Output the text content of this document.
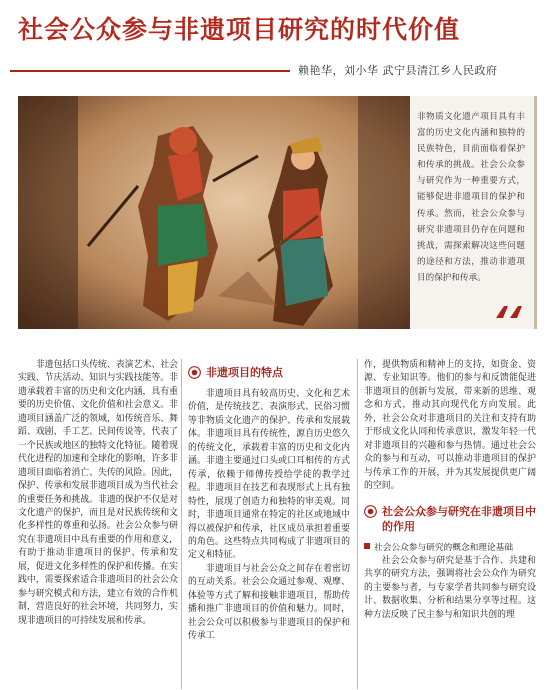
社会公众参与非遗项目研究的时代价值
赖艳华，刘小华 武宁县清江乡人民政府
非物质文化遗产项目具有丰富的历史文化内涵和独特的民族特色，目前面临着保护和传承的挑战。社会公众参与研究作为一种重要方式，能够促进非遗项目的保护和传承。然而，社会公众参与研究非遗项目仍存在问题和挑战，需探索解决这些问题的途径和方法，推动非遗项目的保护和传承。

非遗包括口头传统、表演艺术、社会实践、节庆活动、知识与实践技能等。非遗承载着丰富的历史和文化内涵，具有重要的历史价值、文化价值和社会意义。非遗项目涵盖广泛的领域，如传统音乐、舞蹈、戏剧、手工艺、民间传说等，代表了一个民族或地区的独特文化特征。随着现代化进程的加速和全球化的影响，许多非遗项目面临着消亡、失传的风险。因此，保护、传承和发展非遗项目成为当代社会的重要任务和挑战。非遗的保护不仅是对文化遗产的保护，而且是对民族传统和文化多样性的尊重和弘扬。社会公众参与研究在非遗项目中具有重要的作用和意义，有助于推动非遗项目的保护、传承和发展，促进文化多样性的保护和传播。在实践中，需要探索适合非遗项目的社会公众参与研究模式和方法，建立有效的合作机制，营造良好的社会环境，共同努力，实现非遗项目的可持续发展和传承。

非遗项目的特点

非遗项目具有较高历史、文化和艺术价值，是传统技艺、表演形式、民俗习惯等非物质文化遗产的保护、传承和发展载体。非遗项目具有传统性，源自历史悠久的传统文化，承载着丰富的历史和文化内涵。非遗主要通过口头或口耳相传的方式传承，依赖于师傅传授给学徒的教学过程。非遗项目在技艺和表现形式上具有独特性，展现了创造力和独特的审美观。同时，非遗项目通常在特定的社区或地域中得以被保护和传承，社区成员承担着重要的角色。这些特点共同构成了非遗项目的定义和特征。

非遗项目与社会公众之间存在着密切的互动关系。社会公众通过参观、观摩、体验等方式了解和接触非遗项目，帮助传播和推广非遗项目的价值和魅力。同时，社会公众可以积极参与非遗项目的保护和传承工

作，提供物质和精神上的支持，如资金、资源、专业知识等。他们的参与和反馈能促进非遗项目的创新与发展，带来新的思维、观念和方式，推动其向现代化方向发展。此外，社会公众对非遗项目的关注和支持有助于形成文化认同和传承意识，激发年轻一代对非遗项目的兴趣和参与热情。通过社会公众的参与和互动，可以推动非遗项目的保护与传承工作的开展，并为其发展提供更广阔的空间。

社会公众参与研究在非遗项目中的作用

社会公众参与研究的概念和理论基础

社会公众参与研究是基于合作、共建和共享的研究方法，强调将社会公众作为研究的主要参与者，与专家学者共同参与研究设计、数据收集、分析和结果分享等过程。这种方法反映了民主参与和知识共创的理
